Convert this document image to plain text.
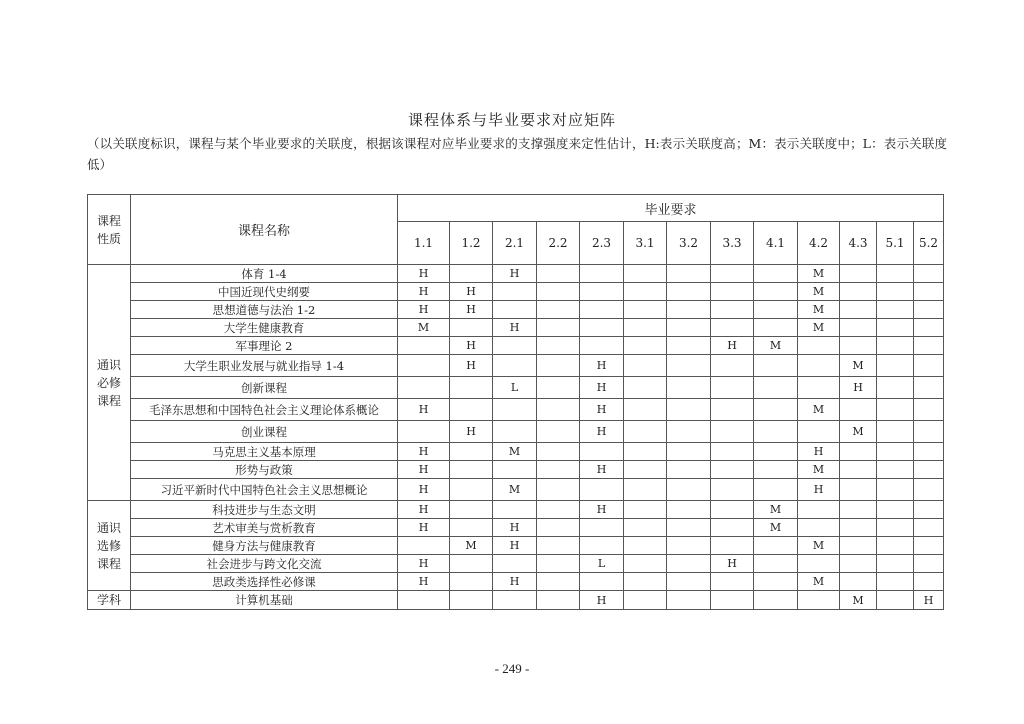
课程体系与毕业要求对应矩阵
（以关联度标识，课程与某个毕业要求的关联度，根据该课程对应毕业要求的支撑强度来定性估计，H:表示关联度高；M：表示关联度中；L：表示关联度低）
课程性质	课程名称	毕业要求												
		1.1	1.2	2.1	2.2	2.3	3.1	3.2	3.3	4.1	4.2	4.3	5.1	5.2
通识必修课程	体育 1-4	H		H							M			
	中国近现代史纲要	H	H								M			
	思想道德与法治 1-2	H	H								M			
	大学生健康教育	M		H							M			
	军事理论 2		H						H	M				
	大学生职业发展与就业指导 1-4		H			H						M		
	创新课程			L		H						H		
	毛泽东思想和中国特色社会主义理论体系概论	H				H					M			
	创业课程		H			H						M		
	马克思主义基本原理	H		M							H			
	形势与政策	H				H					M			
	习近平新时代中国特色社会主义思想概论	H		M							H			
通识选修课程	科技进步与生态文明	H				H				M				
	艺术审美与赏析教育	H		H						M				
	健身方法与健康教育		M	H							M			
	社会进步与跨文化交流	H				L			H					
	思政类选择性必修课	H		H							M			
学科	计算机基础					H						M		H
- 249 -
